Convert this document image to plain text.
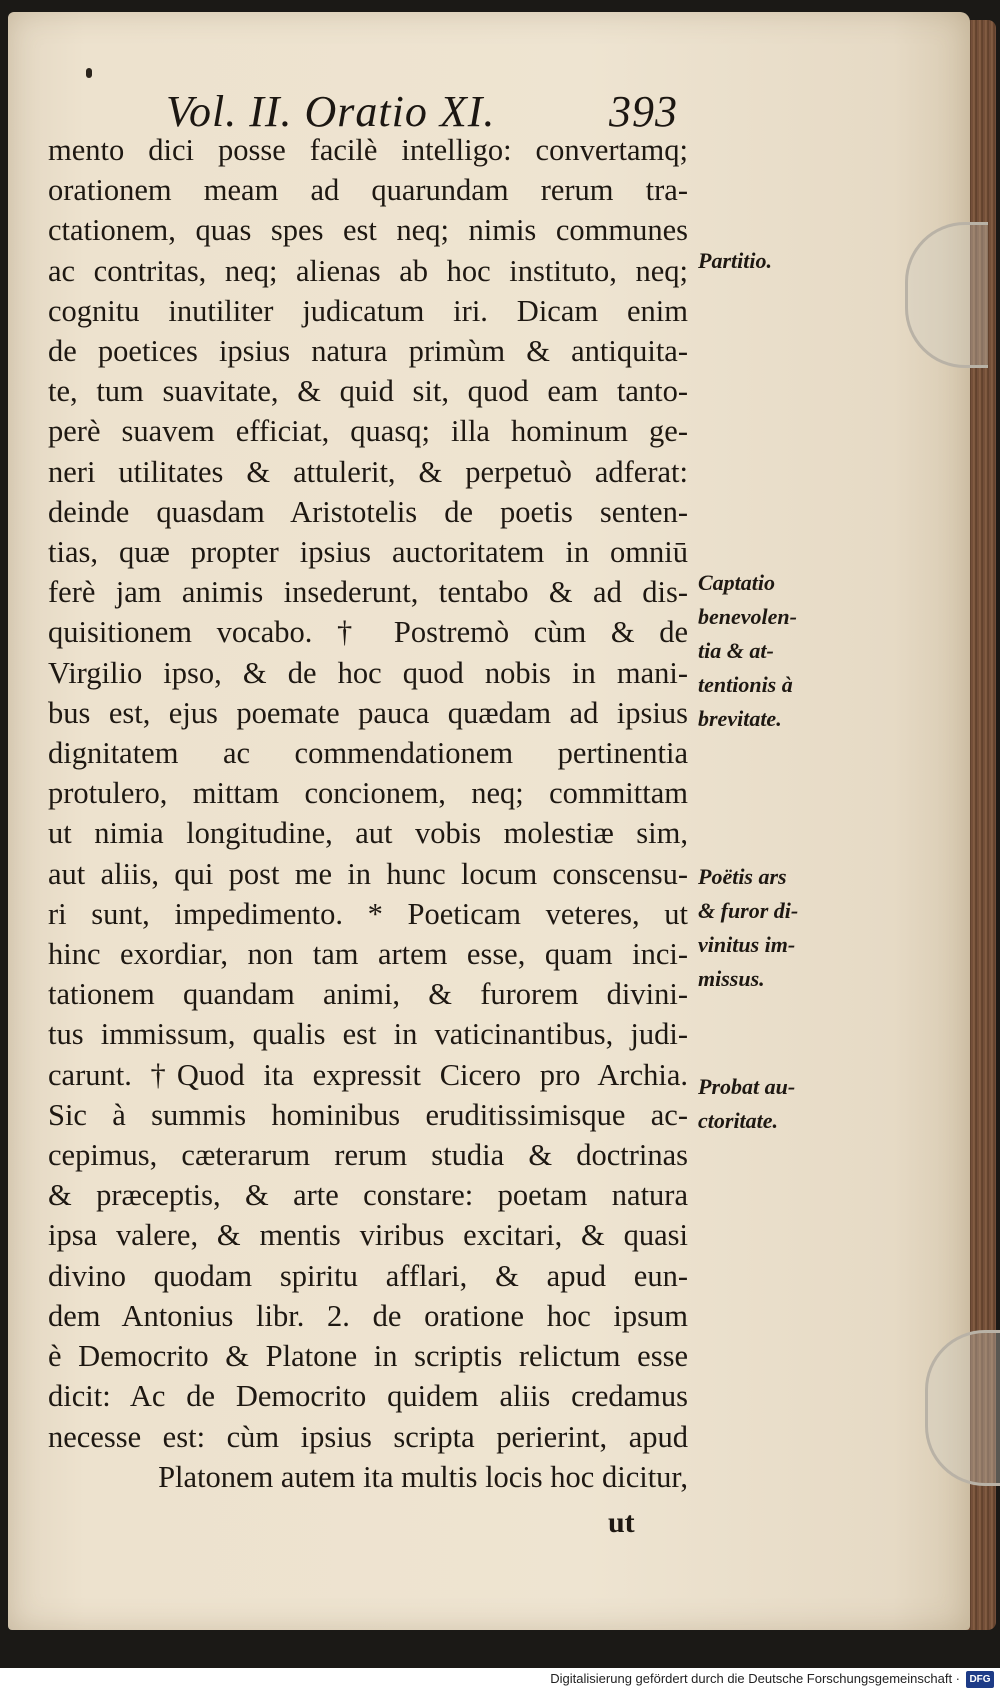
Vol. II. Oratio XI.	393
mento dici posse facilè intelligo: convertamq;
orationem meam ad quarundam rerum tra-
ctationem, quas spes est neq; nimis communes
ac contritas, neq; alienas ab hoc instituto, neq;
cognitu inutiliter judicatum iri. Dicam enim
de poetices ipsius natura primùm & antiquita-
te, tum suavitate, & quid sit, quod eam tanto-
perè suavem efficiat, quasq; illa hominum ge-
neri utilitates & attulerit, & perpetuò adferat:
deinde quasdam Aristotelis de poetis senten-
tias, quæ propter ipsius auctoritatem in omniū
ferè jam animis insederunt, tentabo & ad dis-
quisitionem vocabo. † Postremò cùm & de
Virgilio ipso, & de hoc quod nobis in mani-
bus est, ejus poemate pauca quædam ad ipsius
dignitatem ac commendationem pertinentia
protulero, mittam concionem, neq; committam
ut nimia longitudine, aut vobis molestiæ sim,
aut aliis, qui post me in hunc locum conscensu-
ri sunt, impedimento. * Poeticam veteres, ut
hinc exordiar, non tam artem esse, quam inci-
tationem quandam animi, & furorem divini-
tus immissum, qualis est in vaticinantibus, judi-
carunt. †Quod ita expressit Cicero pro Archia.
Sic à summis hominibus eruditissimisque ac-
cepimus, cæterarum rerum studia & doctrinas
& præceptis, & arte constare: poetam natura
ipsa valere, & mentis viribus excitari, & quasi
divino quodam spiritu afflari, & apud eun-
dem Antonius libr. 2. de oratione hoc ipsum
è Democrito & Platone in scriptis relictum esse
dicit: Ac de Democrito quidem aliis credamus
necesse est: cùm ipsius scripta perierint, apud
Platonem autem ita multis locis hoc dicitur,
Partitio.
Captatio
benevolen-
tia & at-
tentionis à
brevitate.
Poëtis ars
& furor di-
vinitus im-
missus.
Probat au-
ctoritate.
ut
Digitalisierung gefördert durch die Deutsche Forschungsgemeinschaft · DFG
